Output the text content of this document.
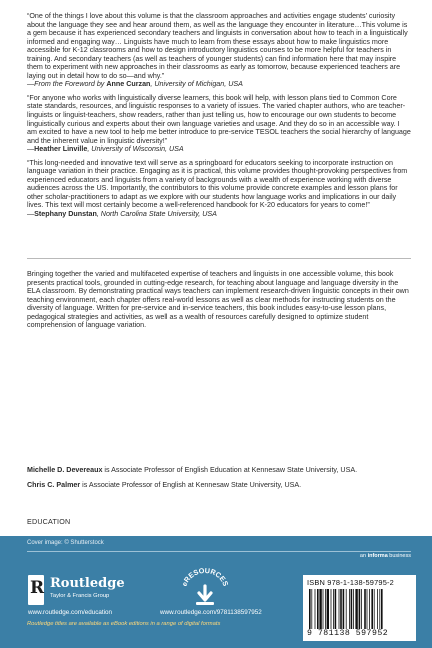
“One of the things I love about this volume is that the classroom approaches and activities engage students’ curiosity about the language they see and hear around them, as well as the language they encounter in literature…This volume is a gem because it has experienced secondary teachers and linguists in conversation about how to teach in a linguistically informed and engaging way… Linguists have much to learn from these essays about how to make linguistics more accessible for K-12 classrooms and how to design introductory linguistics courses to be more helpful for teachers in training. And secondary teachers (as well as teachers of younger students) can find information here that may inspire them to experiment with new approaches in their classrooms as early as tomorrow, because experienced teachers are laying out in detail how to do so—and why.”
—From the Foreword by Anne Curzan, University of Michigan, USA

“For anyone who works with linguistically diverse learners, this book will help, with lesson plans tied to Common Core state standards, resources, and linguistic responses to a variety of issues. The varied chapter authors, who are teacher-linguists or linguist-teachers, show readers, rather than just telling us, how to encourage our own students to become linguistically curious and experts about their own language varieties and usage. And they do so in an accessible way. I am excited to have a new tool to help me better introduce to pre-service TESOL teachers the social hierarchy of language and the inherent value in linguistic diversity!”
—Heather Linville, University of Wisconsin, USA

“This long-needed and innovative text will serve as a springboard for educators seeking to incorporate instruction on language variation in their practice. Engaging as it is practical, this volume provides thought-provoking perspectives from experienced educators and linguists from a variety of backgrounds with a wealth of experience working with diverse audiences across the US. Importantly, the contributors to this volume provide concrete examples and lesson plans for other scholar-practitioners to adapt as we explore with our students how language works and implications in our daily lives. This text will most certainly become a well-referenced handbook for K-20 educators for years to come!”
—Stephany Dunstan, North Carolina State University, USA

Bringing together the varied and multifaceted expertise of teachers and linguists in one accessible volume, this book presents practical tools, grounded in cutting-edge research, for teaching about language and language diversity in the ELA classroom. By demonstrating practical ways teachers can implement research-driven linguistic concepts in their own teaching environment, each chapter offers real-world lessons as well as clear methods for instructing students on the diversity of language. Written for pre-service and in-service teachers, this book includes easy-to-use lesson plans, pedagogical strategies and activities, as well as a wealth of resources carefully designed to optimize student comprehension of language variation.

Michelle D. Devereaux is Associate Professor of English Education at Kennesaw State University, USA.

Chris C. Palmer is Associate Professor of English at Kennesaw State University, USA.

EDUCATION
Cover image: © Shutterstock
an informa business
R Routledge
Taylor & Francis Group
www.routledge.com/education
eRESOURCES
www.routledge.com/9781138597952
Routledge titles are available as eBook editions in a range of digital formats
ISBN 978-1-138-59795-2
9 781138 597952
